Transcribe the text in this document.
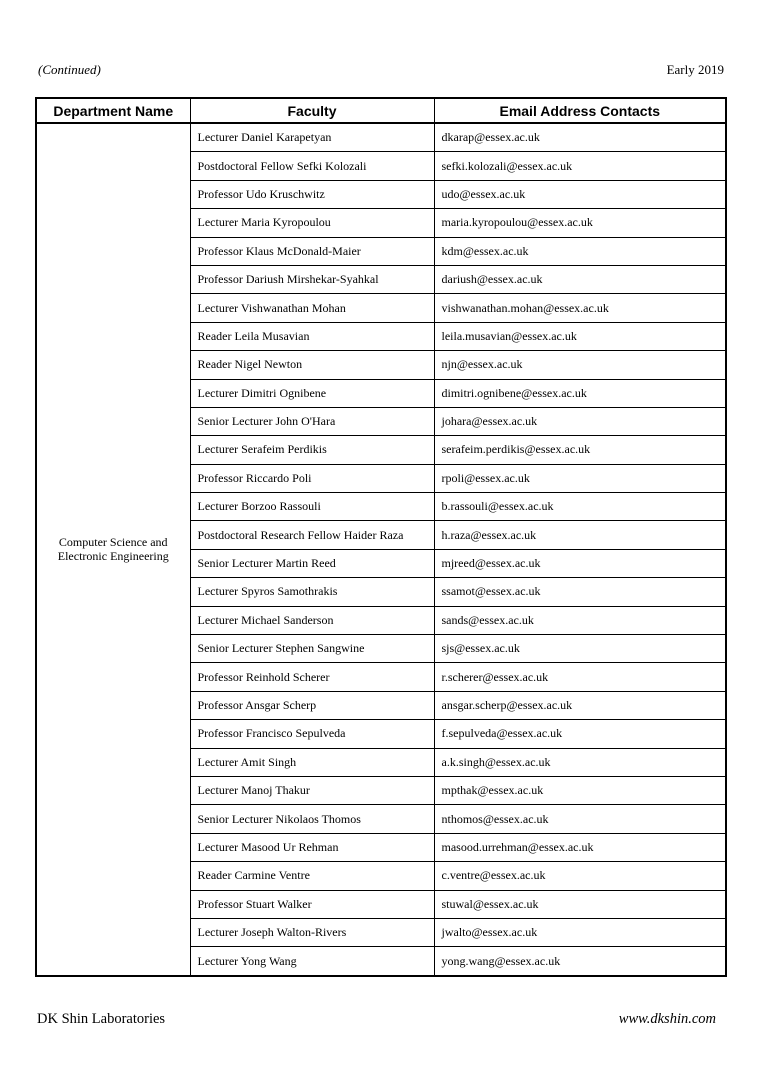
(Continued)	Early 2019
Department Name	Faculty	Email Address Contacts

Computer Science and
Electronic Engineering	Lecturer Daniel Karapetyan	dkarap@essex.ac.uk
	Postdoctoral Fellow Sefki Kolozali	sefki.kolozali@essex.ac.uk
	Professor Udo Kruschwitz	udo@essex.ac.uk
	Lecturer Maria Kyropoulou	maria.kyropoulou@essex.ac.uk
	Professor Klaus McDonald-Maier	kdm@essex.ac.uk
	Professor Dariush Mirshekar-Syahkal	dariush@essex.ac.uk
	Lecturer Vishwanathan Mohan	vishwanathan.mohan@essex.ac.uk
	Reader Leila Musavian	leila.musavian@essex.ac.uk
	Reader Nigel Newton	njn@essex.ac.uk
	Lecturer Dimitri Ognibene	dimitri.ognibene@essex.ac.uk
	Senior Lecturer John O'Hara	johara@essex.ac.uk
	Lecturer Serafeim Perdikis	serafeim.perdikis@essex.ac.uk
	Professor Riccardo Poli	rpoli@essex.ac.uk
	Lecturer Borzoo Rassouli	b.rassouli@essex.ac.uk
	Postdoctoral Research Fellow Haider Raza	h.raza@essex.ac.uk
	Senior Lecturer Martin Reed	mjreed@essex.ac.uk
	Lecturer Spyros Samothrakis	ssamot@essex.ac.uk
	Lecturer Michael Sanderson	sands@essex.ac.uk
	Senior Lecturer Stephen Sangwine	sjs@essex.ac.uk
	Professor Reinhold Scherer	r.scherer@essex.ac.uk
	Professor Ansgar Scherp	ansgar.scherp@essex.ac.uk
	Professor Francisco Sepulveda	f.sepulveda@essex.ac.uk
	Lecturer Amit Singh	a.k.singh@essex.ac.uk
	Lecturer Manoj Thakur	mpthak@essex.ac.uk
	Senior Lecturer Nikolaos Thomos	nthomos@essex.ac.uk
	Lecturer Masood Ur Rehman	masood.urrehman@essex.ac.uk
	Reader Carmine Ventre	c.ventre@essex.ac.uk
	Professor Stuart Walker	stuwal@essex.ac.uk
	Lecturer Joseph Walton-Rivers	jwalto@essex.ac.uk
	Lecturer Yong Wang	yong.wang@essex.ac.uk
DK Shin Laboratories	www.dkshin.com
